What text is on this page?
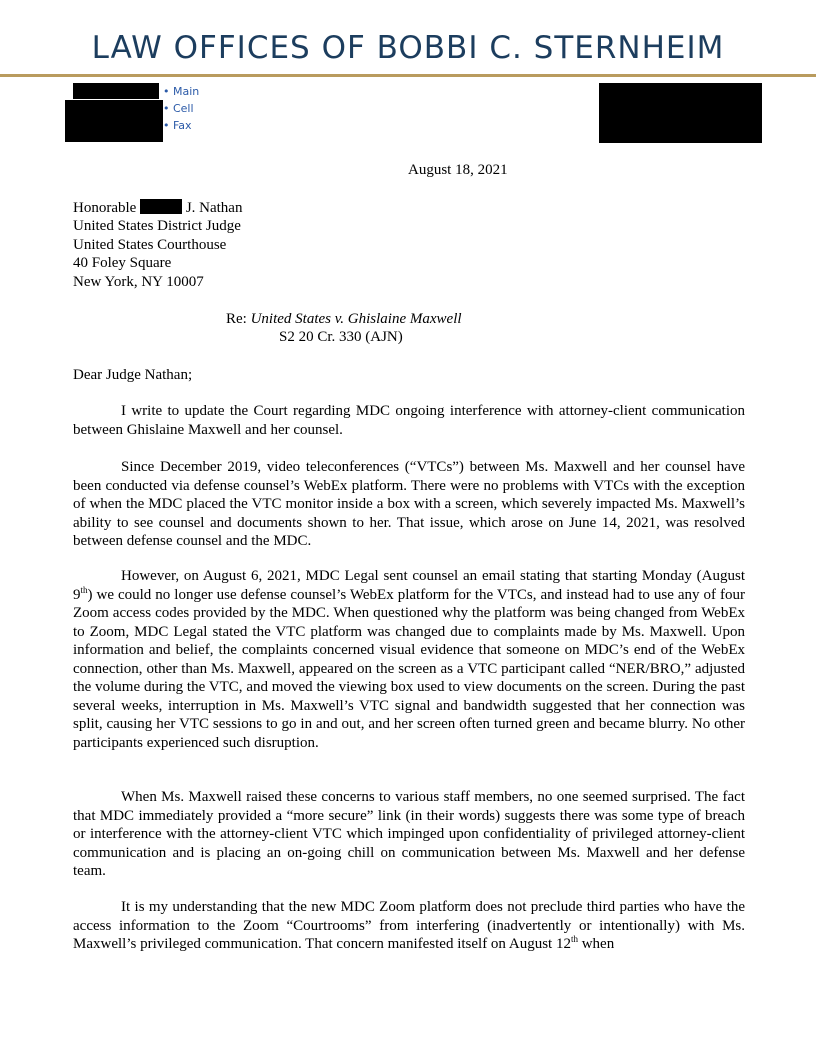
LAW OFFICES OF BOBBI C. STERNHEIM
• Main
• Cell
• Fax
August 18, 2021
Honorable	J. Nathan
United States District Judge
United States Courthouse
40 Foley Square
New York, NY 10007
Re: United States v. Ghislaine Maxwell
S2 20 Cr. 330 (AJN)
Dear Judge Nathan;

I write to update the Court regarding MDC ongoing interference with attorney-client communication between Ghislaine Maxwell and her counsel.

Since December 2019, video teleconferences (“VTCs”) between Ms. Maxwell and her counsel have been conducted via defense counsel’s WebEx platform. There were no problems with VTCs with the exception of when the MDC placed the VTC monitor inside a box with a screen, which severely impacted Ms. Maxwell’s ability to see counsel and documents shown to her. That issue, which arose on June 14, 2021, was resolved between defense counsel and the MDC.

However, on August 6, 2021, MDC Legal sent counsel an email stating that starting Monday (August 9th) we could no longer use defense counsel’s WebEx platform for the VTCs, and instead had to use any of four Zoom access codes provided by the MDC. When questioned why the platform was being changed from WebEx to Zoom, MDC Legal stated the VTC platform was changed due to complaints made by Ms. Maxwell. Upon information and belief, the complaints concerned visual evidence that someone on MDC’s end of the WebEx connection, other than Ms. Maxwell, appeared on the screen as a VTC participant called “NER/BRO,” adjusted the volume during the VTC, and moved the viewing box used to view documents on the screen. During the past several weeks, interruption in Ms. Maxwell’s VTC signal and bandwidth suggested that her connection was split, causing her VTC sessions to go in and out, and her screen often turned green and became blurry. No other participants experienced such disruption.

When Ms. Maxwell raised these concerns to various staff members, no one seemed surprised. The fact that MDC immediately provided a “more secure” link (in their words) suggests there was some type of breach or interference with the attorney-client VTC which impinged upon confidentiality of privileged attorney-client communication and is placing an on-going chill on communication between Ms. Maxwell and her defense team.

It is my understanding that the new MDC Zoom platform does not preclude third parties who have the access information to the Zoom “Courtrooms” from interfering (inadvertently or intentionally) with Ms. Maxwell’s privileged communication. That concern manifested itself on August 12th when
